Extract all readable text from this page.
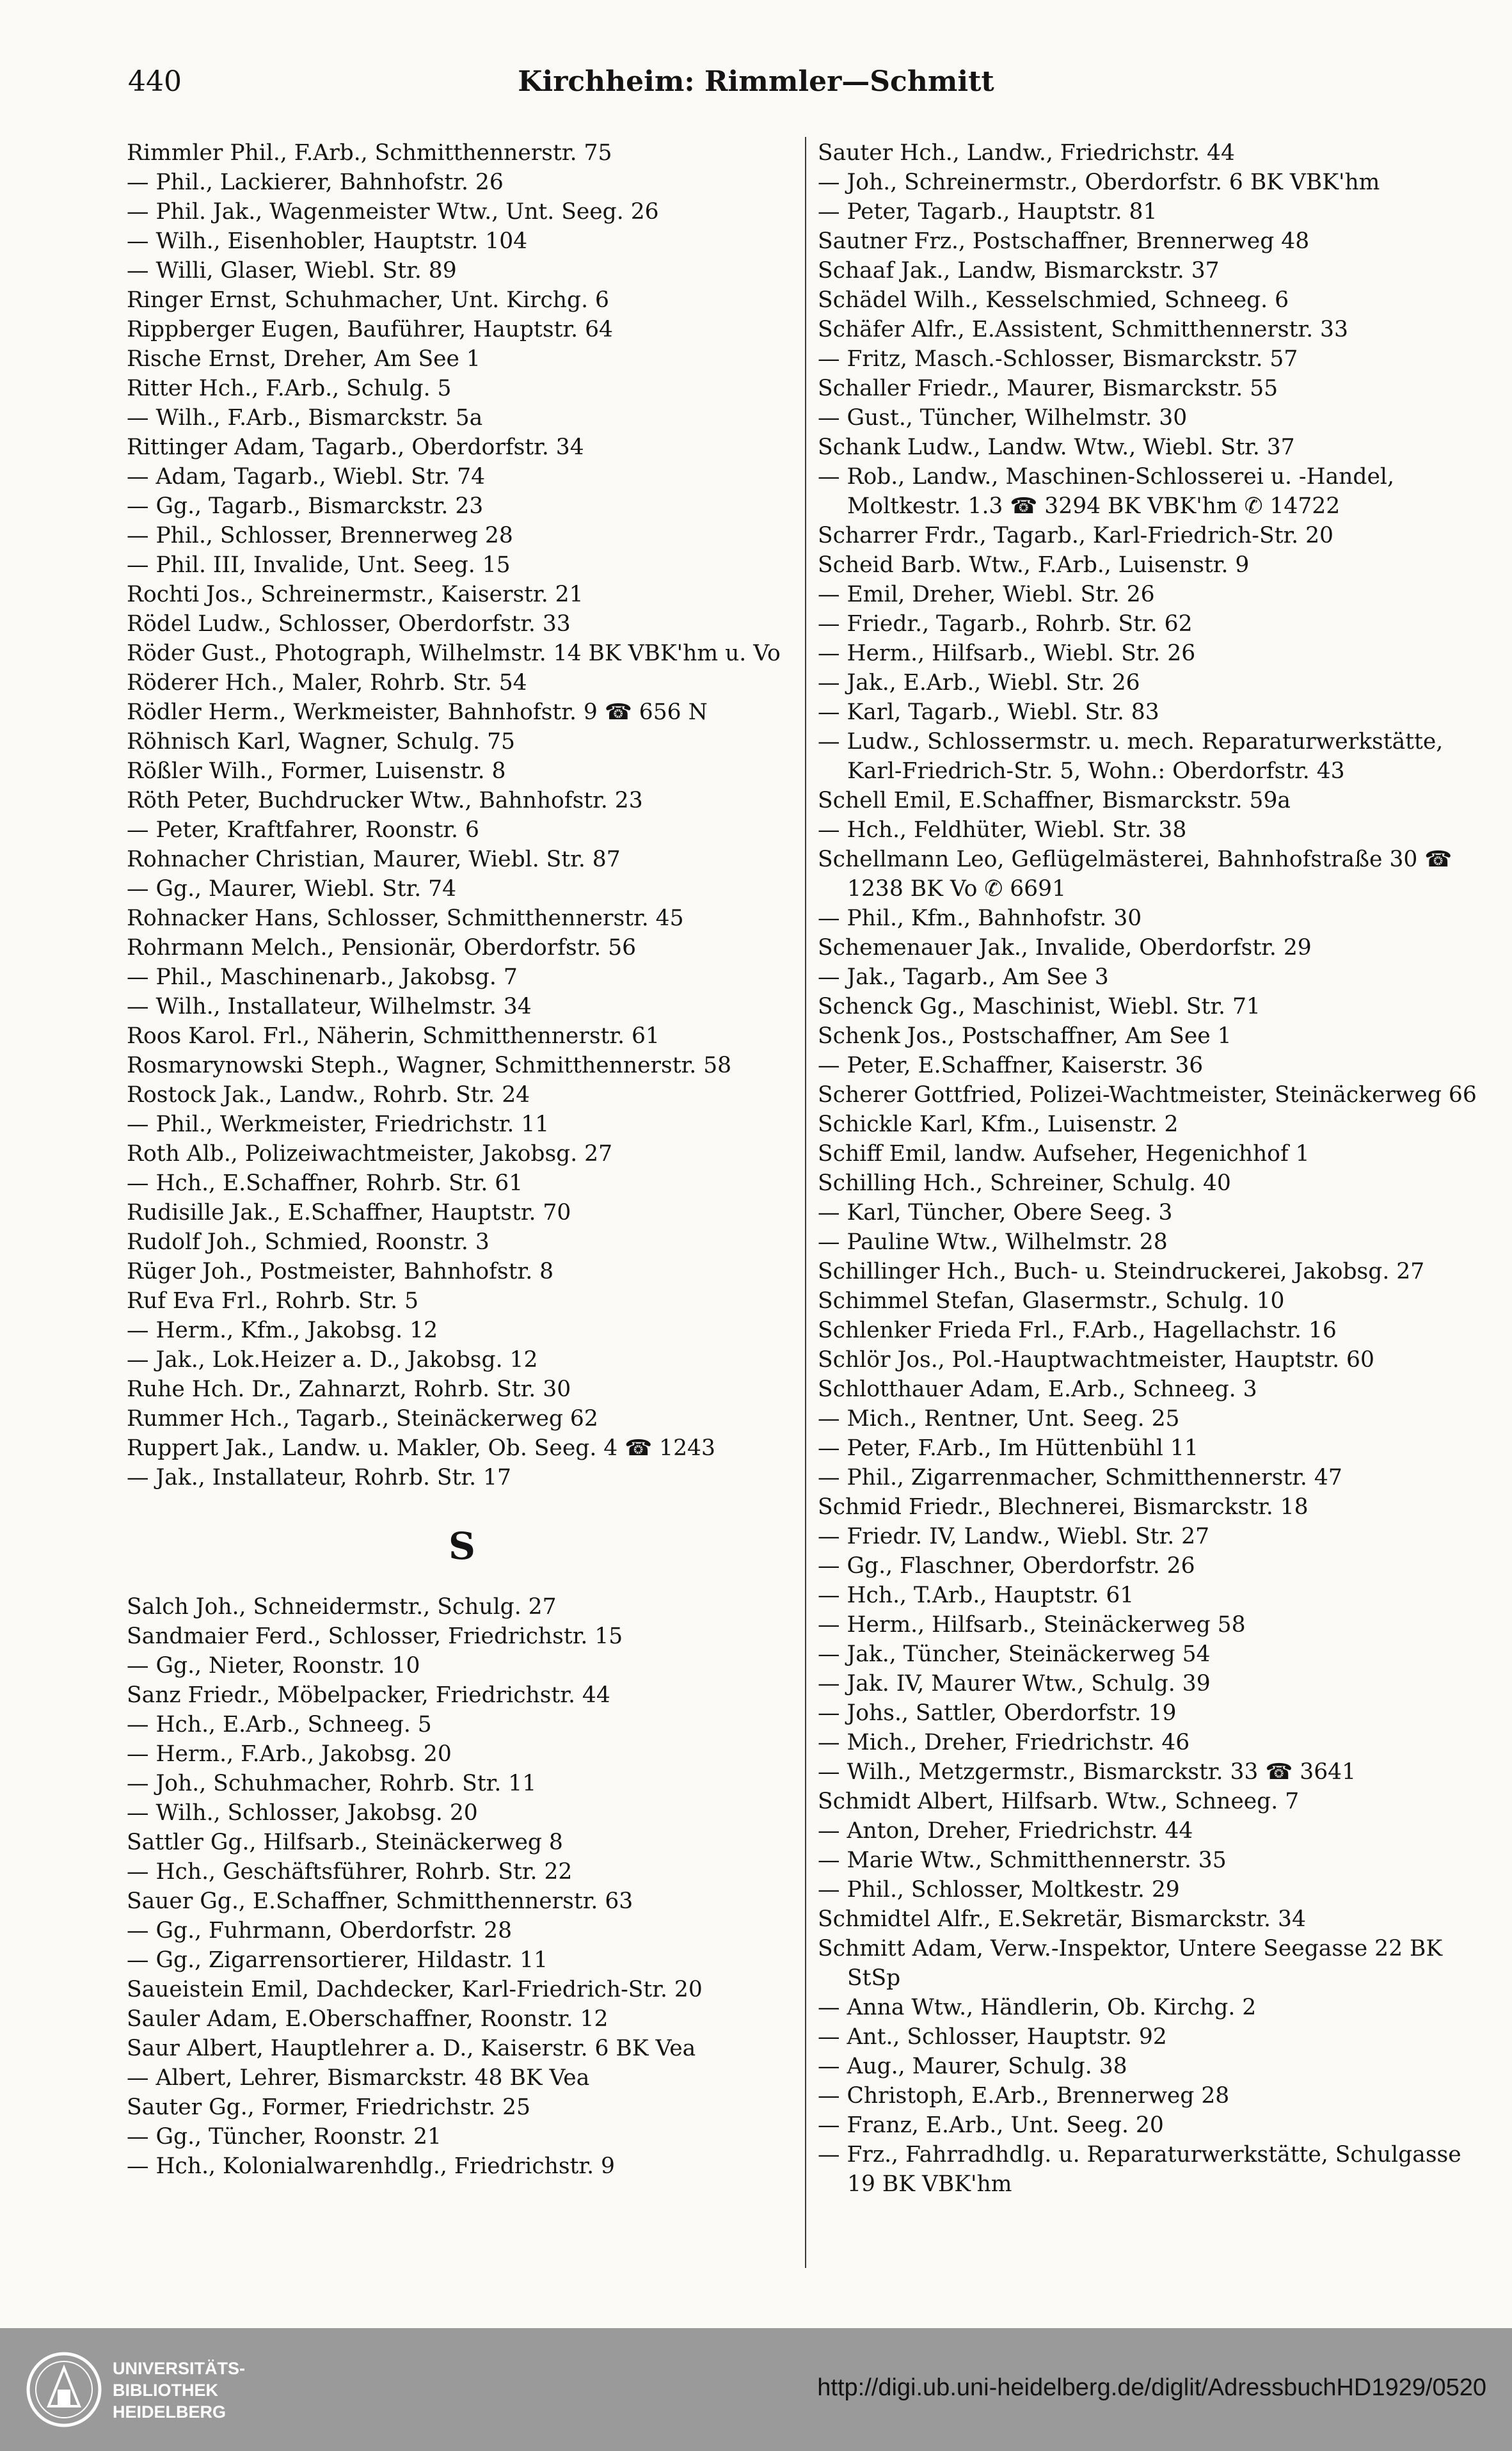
440	Kirchheim: Rimmler—Schmitt
Rimmler Phil., F.Arb., Schmitthennerstr. 75
— Phil., Lackierer, Bahnhofstr. 26
— Phil. Jak., Wagenmeister Wtw., Unt. Seeg. 26
— Wilh., Eisenhobler, Hauptstr. 104
— Willi, Glaser, Wiebl. Str. 89
Ringer Ernst, Schuhmacher, Unt. Kirchg. 6
Rippberger Eugen, Bauführer, Hauptstr. 64
Rische Ernst, Dreher, Am See 1
Ritter Hch., F.Arb., Schulg. 5
— Wilh., F.Arb., Bismarckstr. 5a
Rittinger Adam, Tagarb., Oberdorfstr. 34
— Adam, Tagarb., Wiebl. Str. 74
— Gg., Tagarb., Bismarckstr. 23
— Phil., Schlosser, Brennerweg 28
— Phil. III, Invalide, Unt. Seeg. 15
Rochti Jos., Schreinermstr., Kaiserstr. 21
Rödel Ludw., Schlosser, Oberdorfstr. 33
Röder Gust., Photograph, Wilhelmstr. 14 BK VBK'hm u. Vo
Röderer Hch., Maler, Rohrb. Str. 54
Rödler Herm., Werkmeister, Bahnhofstr. 9 ☎ 656 N
Röhnisch Karl, Wagner, Schulg. 75
Rößler Wilh., Former, Luisenstr. 8
Röth Peter, Buchdrucker Wtw., Bahnhofstr. 23
— Peter, Kraftfahrer, Roonstr. 6
Rohnacher Christian, Maurer, Wiebl. Str. 87
— Gg., Maurer, Wiebl. Str. 74
Rohnacker Hans, Schlosser, Schmitthennerstr. 45
Rohrmann Melch., Pensionär, Oberdorfstr. 56
— Phil., Maschinenarb., Jakobsg. 7
— Wilh., Installateur, Wilhelmstr. 34
Roos Karol. Frl., Näherin, Schmitthennerstr. 61
Rosmarynowski Steph., Wagner, Schmitthennerstr. 58
Rostock Jak., Landw., Rohrb. Str. 24
— Phil., Werkmeister, Friedrichstr. 11
Roth Alb., Polizeiwachtmeister, Jakobsg. 27
— Hch., E.Schaffner, Rohrb. Str. 61
Rudisille Jak., E.Schaffner, Hauptstr. 70
Rudolf Joh., Schmied, Roonstr. 3
Rüger Joh., Postmeister, Bahnhofstr. 8
Ruf Eva Frl., Rohrb. Str. 5
— Herm., Kfm., Jakobsg. 12
— Jak., Lok.Heizer a. D., Jakobsg. 12
Ruhe Hch. Dr., Zahnarzt, Rohrb. Str. 30
Rummer Hch., Tagarb., Steinäckerweg 62
Ruppert Jak., Landw. u. Makler, Ob. Seeg. 4 ☎ 1243
— Jak., Installateur, Rohrb. Str. 17
S
Salch Joh., Schneidermstr., Schulg. 27
Sandmaier Ferd., Schlosser, Friedrichstr. 15
— Gg., Nieter, Roonstr. 10
Sanz Friedr., Möbelpacker, Friedrichstr. 44
— Hch., E.Arb., Schneeg. 5
— Herm., F.Arb., Jakobsg. 20
— Joh., Schuhmacher, Rohrb. Str. 11
— Wilh., Schlosser, Jakobsg. 20
Sattler Gg., Hilfsarb., Steinäckerweg 8
— Hch., Geschäftsführer, Rohrb. Str. 22
Sauer Gg., E.Schaffner, Schmitthennerstr. 63
— Gg., Fuhrmann, Oberdorfstr. 28
— Gg., Zigarrensortierer, Hildastr. 11
Saueistein Emil, Dachdecker, Karl-Friedrich-Str. 20
Sauler Adam, E.Oberschaffner, Roonstr. 12
Saur Albert, Hauptlehrer a. D., Kaiserstr. 6 BK Vea
— Albert, Lehrer, Bismarckstr. 48 BK Vea
Sauter Gg., Former, Friedrichstr. 25
— Gg., Tüncher, Roonstr. 21
— Hch., Kolonialwarenhdlg., Friedrichstr. 9
Sauter Hch., Landw., Friedrichstr. 44
— Joh., Schreinermstr., Oberdorfstr. 6 BK VBK'hm
— Peter, Tagarb., Hauptstr. 81
Sautner Frz., Postschaffner, Brennerweg 48
Schaaf Jak., Landw, Bismarckstr. 37
Schädel Wilh., Kesselschmied, Schneeg. 6
Schäfer Alfr., E.Assistent, Schmitthennerstr. 33
— Fritz, Masch.-Schlosser, Bismarckstr. 57
Schaller Friedr., Maurer, Bismarckstr. 55
— Gust., Tüncher, Wilhelmstr. 30
Schank Ludw., Landw. Wtw., Wiebl. Str. 37
— Rob., Landw., Maschinen-Schlosserei u. -Handel, Moltkestr. 1.3 ☎ 3294 BK VBK'hm ✆ 14722
Scharrer Frdr., Tagarb., Karl-Friedrich-Str. 20
Scheid Barb. Wtw., F.Arb., Luisenstr. 9
— Emil, Dreher, Wiebl. Str. 26
— Friedr., Tagarb., Rohrb. Str. 62
— Herm., Hilfsarb., Wiebl. Str. 26
— Jak., E.Arb., Wiebl. Str. 26
— Karl, Tagarb., Wiebl. Str. 83
— Ludw., Schlossermstr. u. mech. Reparaturwerkstätte, Karl-Friedrich-Str. 5, Wohn.: Oberdorfstr. 43
Schell Emil, E.Schaffner, Bismarckstr. 59a
— Hch., Feldhüter, Wiebl. Str. 38
Schellmann Leo, Geflügelmästerei, Bahnhofstraße 30 ☎ 1238 BK Vo ✆ 6691
— Phil., Kfm., Bahnhofstr. 30
Schemenauer Jak., Invalide, Oberdorfstr. 29
— Jak., Tagarb., Am See 3
Schenck Gg., Maschinist, Wiebl. Str. 71
Schenk Jos., Postschaffner, Am See 1
— Peter, E.Schaffner, Kaiserstr. 36
Scherer Gottfried, Polizei-Wachtmeister, Steinäckerweg 66
Schickle Karl, Kfm., Luisenstr. 2
Schiff Emil, landw. Aufseher, Hegenichhof 1
Schilling Hch., Schreiner, Schulg. 40
— Karl, Tüncher, Obere Seeg. 3
— Pauline Wtw., Wilhelmstr. 28
Schillinger Hch., Buch- u. Steindruckerei, Jakobsg. 27
Schimmel Stefan, Glasermstr., Schulg. 10
Schlenker Frieda Frl., F.Arb., Hagellachstr. 16
Schlör Jos., Pol.-Hauptwachtmeister, Hauptstr. 60
Schlotthauer Adam, E.Arb., Schneeg. 3
— Mich., Rentner, Unt. Seeg. 25
— Peter, F.Arb., Im Hüttenbühl 11
— Phil., Zigarrenmacher, Schmitthennerstr. 47
Schmid Friedr., Blechnerei, Bismarckstr. 18
— Friedr. IV, Landw., Wiebl. Str. 27
— Gg., Flaschner, Oberdorfstr. 26
— Hch., T.Arb., Hauptstr. 61
— Herm., Hilfsarb., Steinäckerweg 58
— Jak., Tüncher, Steinäckerweg 54
— Jak. IV, Maurer Wtw., Schulg. 39
— Johs., Sattler, Oberdorfstr. 19
— Mich., Dreher, Friedrichstr. 46
— Wilh., Metzgermstr., Bismarckstr. 33 ☎ 3641
Schmidt Albert, Hilfsarb. Wtw., Schneeg. 7
— Anton, Dreher, Friedrichstr. 44
— Marie Wtw., Schmitthennerstr. 35
— Phil., Schlosser, Moltkestr. 29
Schmidtel Alfr., E.Sekretär, Bismarckstr. 34
Schmitt Adam, Verw.-Inspektor, Untere Seegasse 22 BK StSp
— Anna Wtw., Händlerin, Ob. Kirchg. 2
— Ant., Schlosser, Hauptstr. 92
— Aug., Maurer, Schulg. 38
— Christoph, E.Arb., Brennerweg 28
— Franz, E.Arb., Unt. Seeg. 20
— Frz., Fahrradhdlg. u. Reparaturwerkstätte, Schulgasse 19 BK VBK'hm
UNIVERSITÄTS-
BIBLIOTHEK
HEIDELBERG
http://digi.ub.uni-heidelberg.de/diglit/AdressbuchHD1929/0520
